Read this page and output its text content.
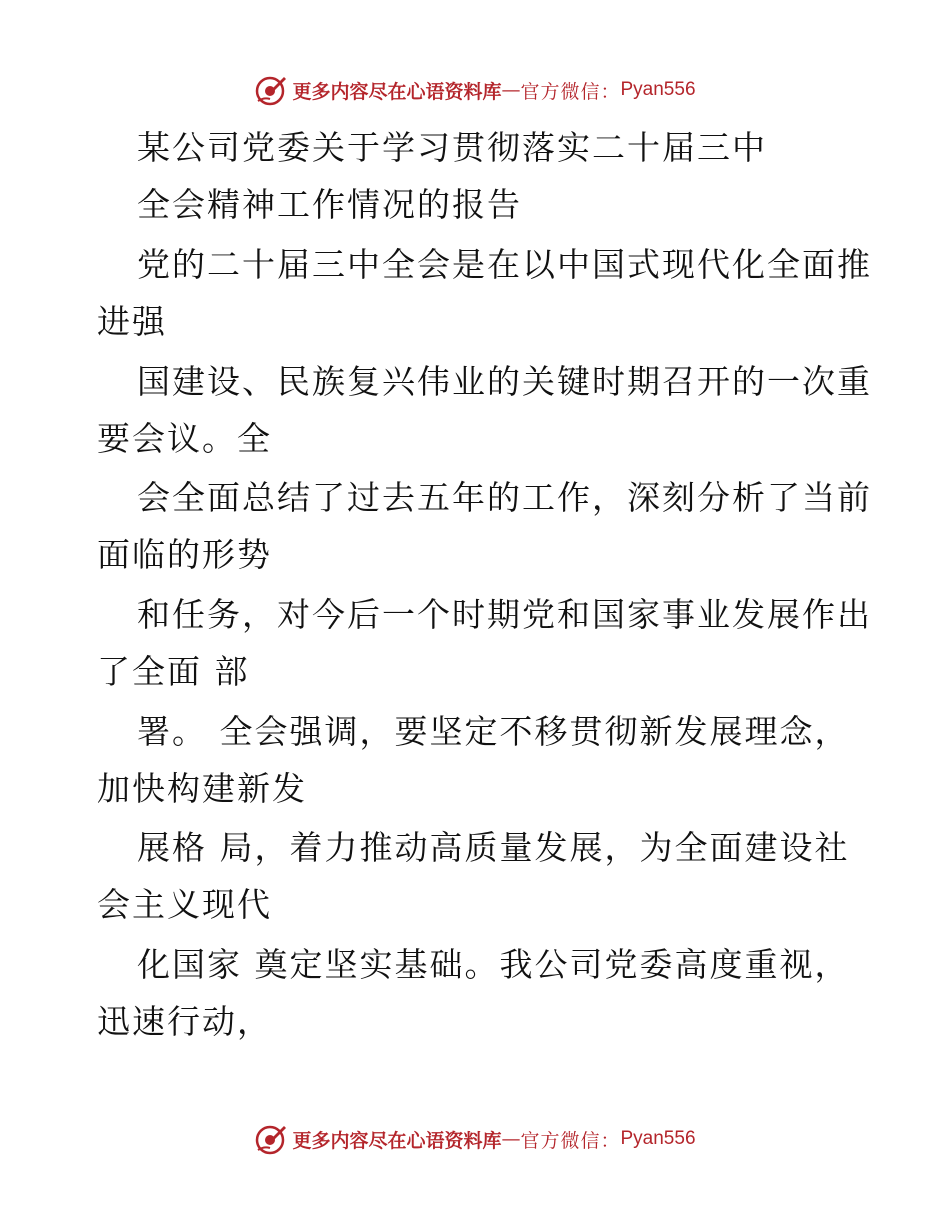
更多内容尽在心语资料库 — 官方微信： Pyan556
某公司党委关于学习贯彻落实二十届三中
全会精神工作情况的报告
党的二十届三中全会是在以中国式现代化全面推
进强
国建设、民族复兴伟业的关键时期召开的一次重
要会议。全
会全面总结了过去五年的工作，深刻分析了当前
面临的形势
和任务，对今后一个时期党和国家事业发展作出
了全面 部
署。 全会强调，要坚定不移贯彻新发展理念，
加快构建新发
展格 局，着力推动高质量发展，为全面建设社
会主义现代
化国家 奠定坚实基础。我公司党委高度重视，
迅速行动，
更多内容尽在心语资料库 — 官方微信： Pyan556
